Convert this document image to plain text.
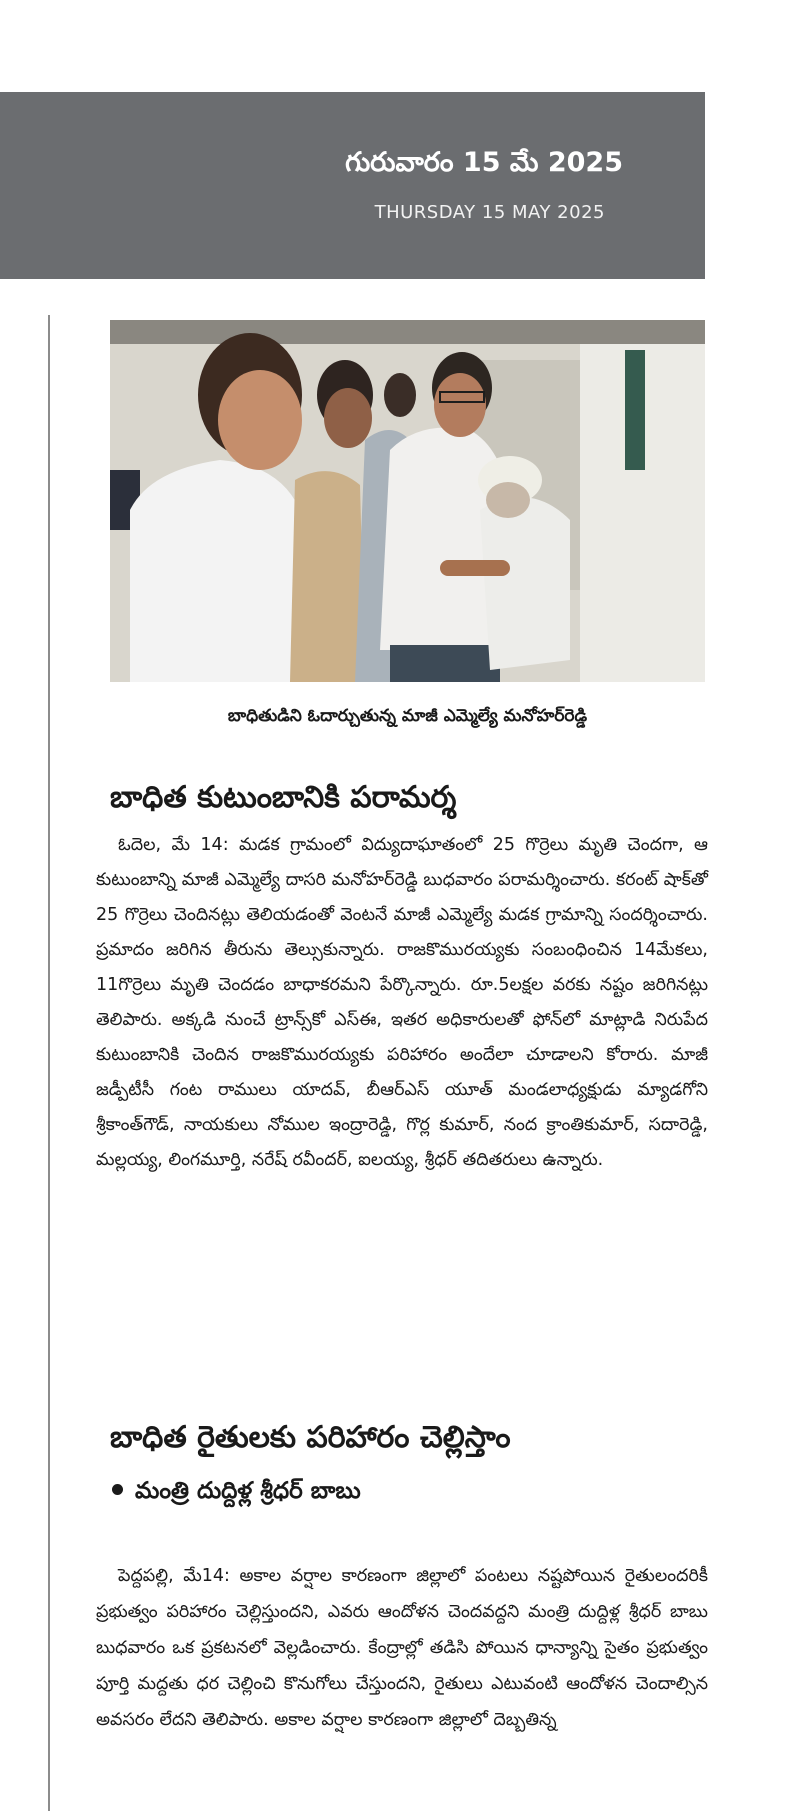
గురువారం 15 మే 2025
THURSDAY 15 MAY 2025
బాధితుడిని ఓదార్చుతున్న మాజీ ఎమ్మెల్యే మనోహర్‌రెడ్డి
బాధిత కుటుంబానికి పరామర్శ
ఓదెల, మే 14: మడక గ్రామంలో విద్యుదాఘాతంలో 25 గొర్రెలు మృతి చెందగా, ఆ కుటుంబాన్ని మాజీ ఎమ్మెల్యే దాసరి మనోహర్‌రెడ్డి బుధవారం పరామర్శించారు. కరంట్ షాక్‌తో 25 గొర్రెలు చెందినట్లు తెలియడంతో వెంటనే మాజీ ఎమ్మెల్యే మడక గ్రామాన్ని సందర్శించారు. ప్రమాదం జరిగిన తీరును తెల్సుకున్నారు. రాజకొమురయ్యకు సంబంధించిన 14మేకలు, 11గొర్రెలు మృతి చెందడం బాధాకరమని పేర్కొన్నారు. రూ.5లక్షల వరకు నష్టం జరిగినట్లు తెలిపారు. అక్కడి నుంచే ట్రాన్స్‌కో ఎస్ఈ, ఇతర అధికారులతో ఫోన్‌లో మాట్లాడి నిరుపేద కుటుంబానికి చెందిన రాజకొమురయ్యకు పరిహారం అందేలా చూడాలని కోరారు. మాజీ జడ్పీటీసీ గంట రాములు యాదవ్, బీఆర్ఎస్ యూత్ మండలాధ్యక్షుడు మ్యాడగోని శ్రీకాంత్‌గౌడ్, నాయకులు నోముల ఇంద్రారెడ్డి, గొర్ల కుమార్, నంద క్రాంతికుమార్, సదారెడ్డి, మల్లయ్య, లింగమూర్తి, నరేష్ రవీందర్, ఐలయ్య, శ్రీధర్ తదితరులు ఉన్నారు.
బాధిత రైతులకు పరిహారం చెల్లిస్తాం
మంత్రి దుద్దిళ్ల శ్రీధర్ బాబు
పెద్దపల్లి, మే14: అకాల వర్షాల కారణంగా జిల్లాలో పంటలు నష్టపోయిన రైతులందరికీ ప్రభుత్వం పరిహారం చెల్లిస్తుందని, ఎవరు ఆందోళన చెందవద్దని మంత్రి దుద్దిళ్ల శ్రీధర్ బాబు బుధవారం ఒక ప్రకటనలో వెల్లడించారు. కేంద్రాల్లో తడిసి పోయిన ధాన్యాన్ని సైతం ప్రభుత్వం పూర్తి మద్దతు ధర చెల్లించి కొనుగోలు చేస్తుందని, రైతులు ఎటువంటి ఆందోళన చెందాల్సిన అవసరం లేదని తెలిపారు. అకాల వర్షాల కారణంగా జిల్లాలో దెబ్బతిన్న
